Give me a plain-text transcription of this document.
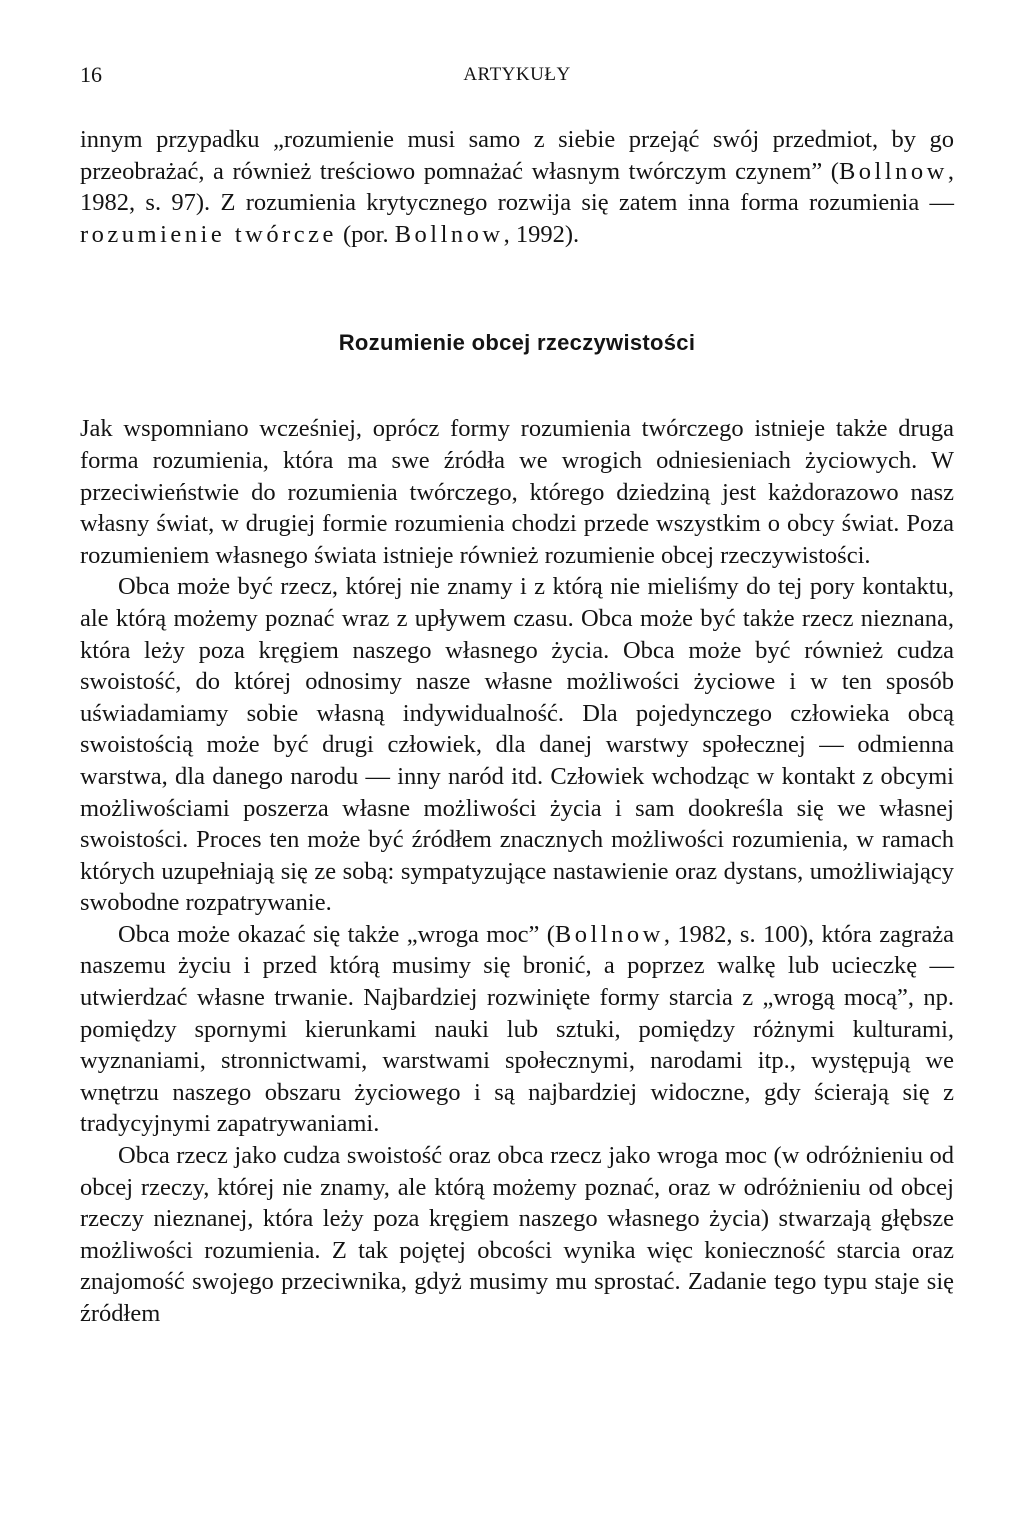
16	ARTYKUŁY

innym przypadku „rozumienie musi samo z siebie przejąć swój przedmiot, by go przeobrażać, a również treściowo pomnażać własnym twórczym czynem” (Bollnow, 1982, s. 97). Z rozumienia krytycznego rozwija się zatem inna forma rozumienia — rozumienie twórcze (por. Bollnow, 1992).

Rozumienie obcej rzeczywistości

Jak wspomniano wcześniej, oprócz formy rozumienia twórczego istnieje także druga forma rozumienia, która ma swe źródła we wrogich odniesieniach życiowych. W przeciwieństwie do rozumienia twórczego, którego dziedziną jest każdorazowo nasz własny świat, w drugiej formie rozumienia chodzi przede wszystkim o obcy świat. Poza rozumieniem własnego świata istnieje również rozumienie obcej rzeczywistości.

Obca może być rzecz, której nie znamy i z którą nie mieliśmy do tej pory kontaktu, ale którą możemy poznać wraz z upływem czasu. Obca może być także rzecz nieznana, która leży poza kręgiem naszego własnego życia. Obca może być również cudza swoistość, do której odnosimy nasze własne możliwości życiowe i w ten sposób uświadamiamy sobie własną indywidualność. Dla pojedynczego człowieka obcą swoistością może być drugi człowiek, dla danej warstwy społecznej — odmienna warstwa, dla danego narodu — inny naród itd. Człowiek wchodząc w kontakt z obcymi możliwościami poszerza własne możliwości życia i sam dookreśla się we własnej swoistości. Proces ten może być źródłem znacznych możliwości rozumienia, w ramach których uzupełniają się ze sobą: sympatyzujące nastawienie oraz dystans, umożliwiający swobodne rozpatrywanie.

Obca może okazać się także „wroga moc” (Bollnow, 1982, s. 100), która zagraża naszemu życiu i przed którą musimy się bronić, a poprzez walkę lub ucieczkę — utwierdzać własne trwanie. Najbardziej rozwinięte formy starcia z „wrogą mocą”, np. pomiędzy spornymi kierunkami nauki lub sztuki, pomiędzy różnymi kulturami, wyznaniami, stronnictwami, warstwami społecznymi, narodami itp., występują we wnętrzu naszego obszaru życiowego i są najbardziej widoczne, gdy ścierają się z tradycyjnymi zapatrywaniami.

Obca rzecz jako cudza swoistość oraz obca rzecz jako wroga moc (w odróżnieniu od obcej rzeczy, której nie znamy, ale którą możemy poznać, oraz w odróżnieniu od obcej rzeczy nieznanej, która leży poza kręgiem naszego własnego życia) stwarzają głębsze możliwości rozumienia. Z tak pojętej obcości wynika więc konieczność starcia oraz znajomość swojego przeciwnika, gdyż musimy mu sprostać. Zadanie tego typu staje się źródłem
